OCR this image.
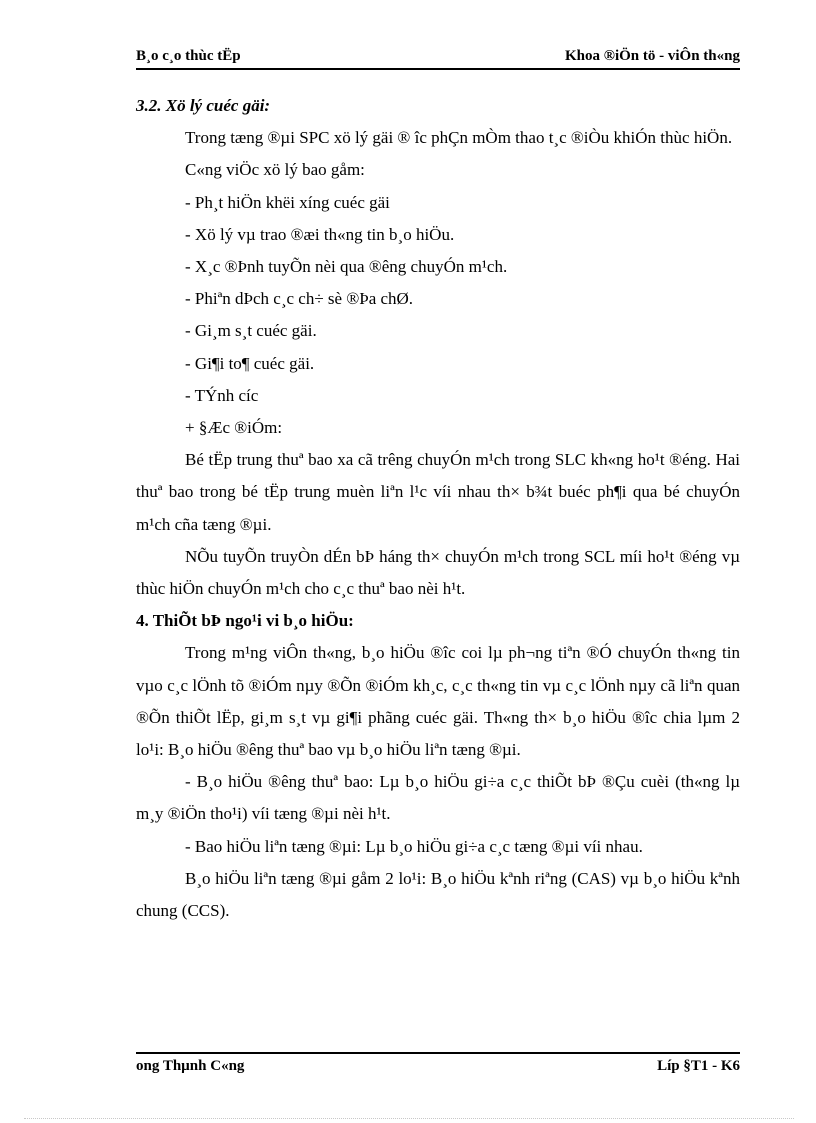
B¸o c¸o thùc tËp	Khoa ®iÖn tö - viÔn th«ng

3.2. Xö lý cuéc gäi:

Trong tæng ®µi SPC xö lý gäi ® îc phÇn mÒm thao t¸c ®iÒu khiÓn thùc hiÖn.

C«ng viÖc xö lý bao gåm:

- Ph¸t hiÖn khëi xíng cuéc gäi

- Xö lý vµ trao ®æi th«ng tin b¸o hiÖu.

- X¸c ®Þnh tuyÕn nèi qua ®êng chuyÓn m¹ch.

- Phiªn dÞch c¸c ch÷ sè ®Þa chØ.

- Gi¸m s¸t cuéc gäi.

- Gi¶i to¶ cuéc gäi.

- TÝnh cíc

+ §Æc ®iÓm:

Bé tËp trung thuª bao xa cã trêng chuyÓn m¹ch trong SLC kh«ng ho¹t ®éng. Hai thuª bao trong bé tËp trung muèn liªn l¹c víi nhau th× b¾t buéc ph¶i qua bé chuyÓn m¹ch cña tæng ®µi.

NÕu tuyÕn truyÒn dÉn bÞ háng th× chuyÓn m¹ch trong SCL míi ho¹t ®éng vµ thùc hiÖn chuyÓn m¹ch cho c¸c thuª bao nèi h¹t.

4. ThiÕt bÞ ngo¹i vi b¸o hiÖu:

Trong m¹ng viÔn th«ng, b¸o hiÖu ®îc coi lµ ph¬ng tiªn ®Ó chuyÓn th«ng tin vµo c¸c lÖnh tõ ®iÓm nµy ®Õn ®iÓm kh¸c, c¸c th«ng tin vµ c¸c lÖnh nµy cã liªn quan ®Õn thiÕt lËp, gi¸m s¸t vµ gi¶i phãng cuéc gäi. Th«ng th× b¸o hiÖu ®îc chia lµm 2 lo¹i: B¸o hiÖu ®êng thuª bao vµ b¸o hiÖu liªn tæng ®µi.

- B¸o hiÖu ®êng thuª bao: Lµ b¸o hiÖu gi÷a c¸c thiÕt bÞ ®Çu cuèi (th«ng lµ m¸y ®iÖn tho¹i) víi tæng ®µi nèi h¹t.

- Bao hiÖu liªn tæng ®µi: Lµ b¸o hiÖu gi÷a c¸c tæng ®µi víi nhau.

B¸o hiÖu liªn tæng ®µi gåm 2 lo¹i: B¸o hiÖu kªnh riªng (CAS) vµ b¸o hiÖu kªnh chung (CCS).

ong Thµnh C«ng	Líp §T1 - K6
